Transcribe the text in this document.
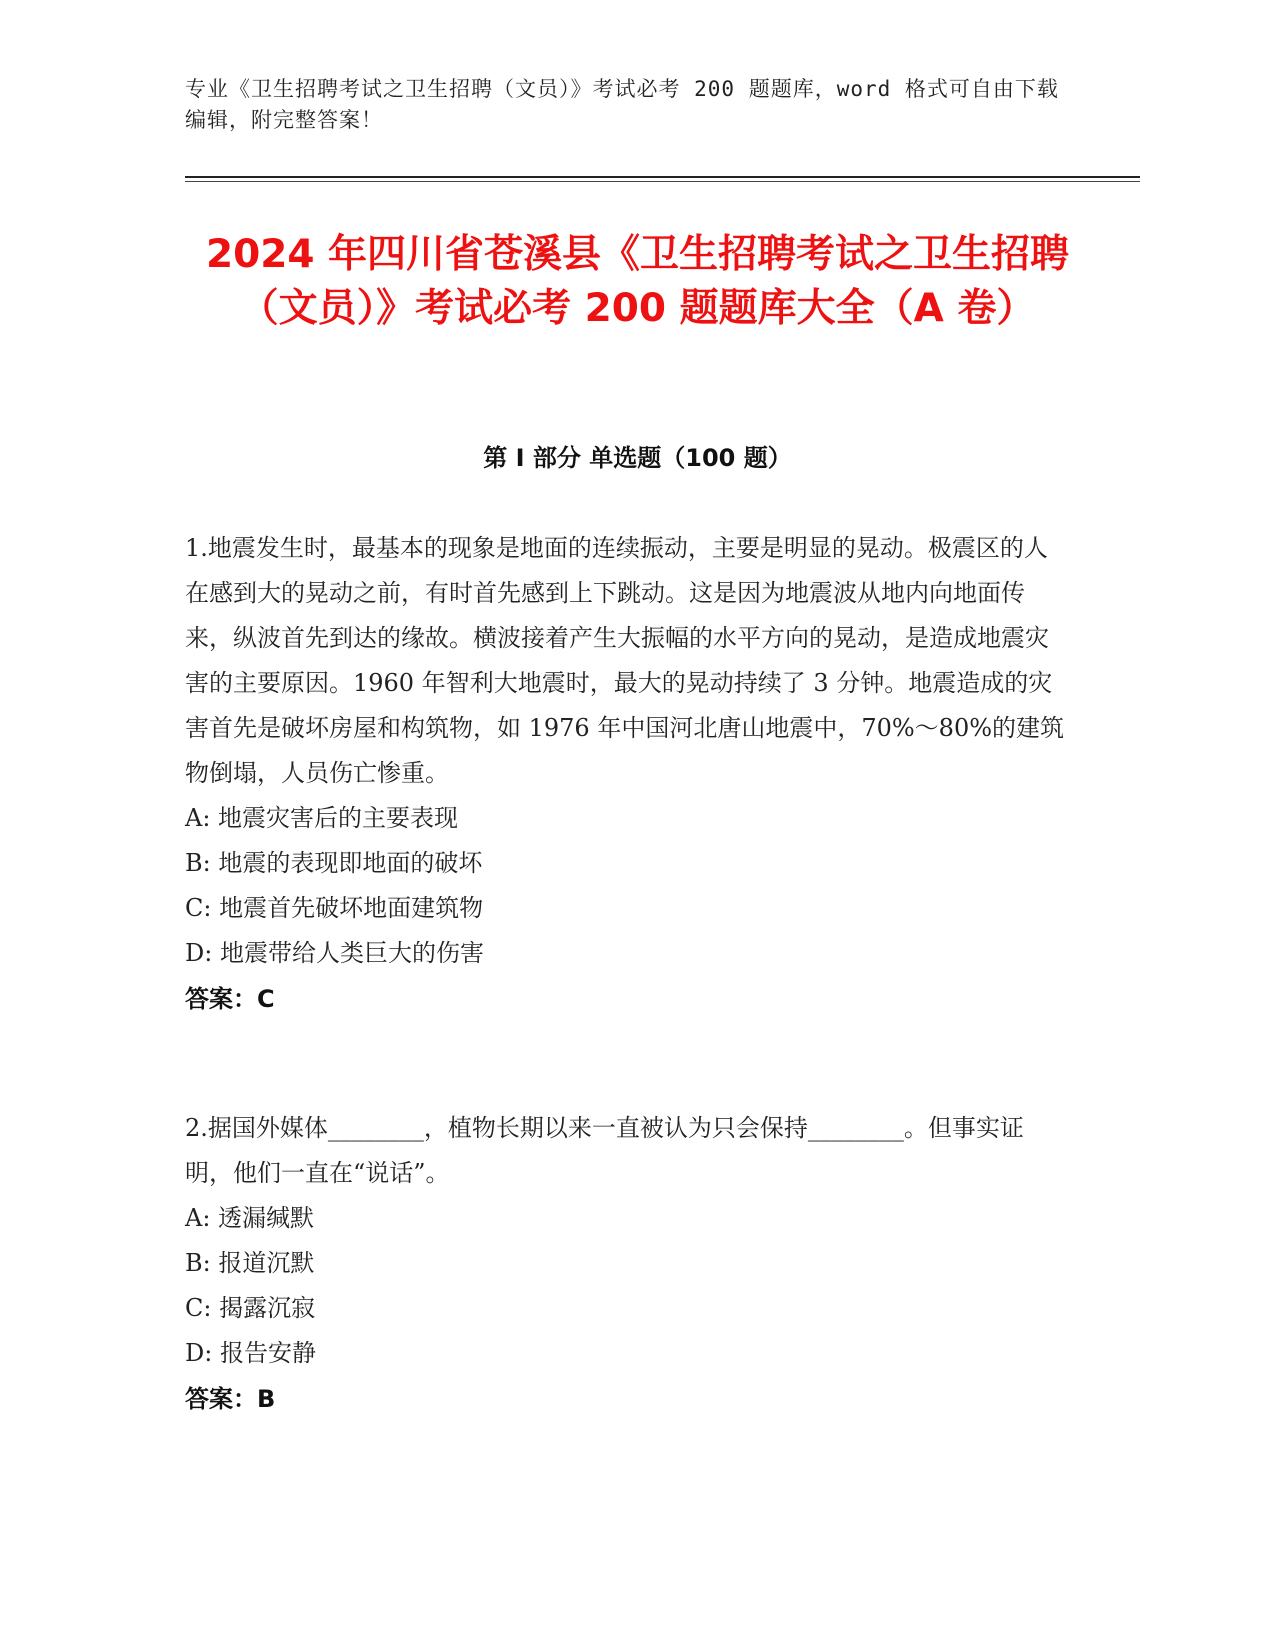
专业《卫生招聘考试之卫生招聘（文员）》考试必考 200 题题库，word 格式可自由下载编辑，附完整答案！
2024 年四川省苍溪县《卫生招聘考试之卫生招聘（文员）》考试必考 200 题题库大全（A 卷）
第 I 部分 单选题（100 题）
1.地震发生时，最基本的现象是地面的连续振动，主要是明显的晃动。极震区的人在感到大的晃动之前，有时首先感到上下跳动。这是因为地震波从地内向地面传来，纵波首先到达的缘故。横波接着产生大振幅的水平方向的晃动，是造成地震灾害的主要原因。1960 年智利大地震时，最大的晃动持续了 3 分钟。地震造成的灾害首先是破坏房屋和构筑物，如 1976 年中国河北唐山地震中，70%～80%的建筑物倒塌，人员伤亡惨重。
A: 地震灾害后的主要表现
B: 地震的表现即地面的破坏
C: 地震首先破坏地面建筑物
D: 地震带给人类巨大的伤害
答案：C
2.据国外媒体________，植物长期以来一直被认为只会保持________。但事实证明，他们一直在“说话”。
A: 透漏缄默
B: 报道沉默
C: 揭露沉寂
D: 报告安静
答案：B
